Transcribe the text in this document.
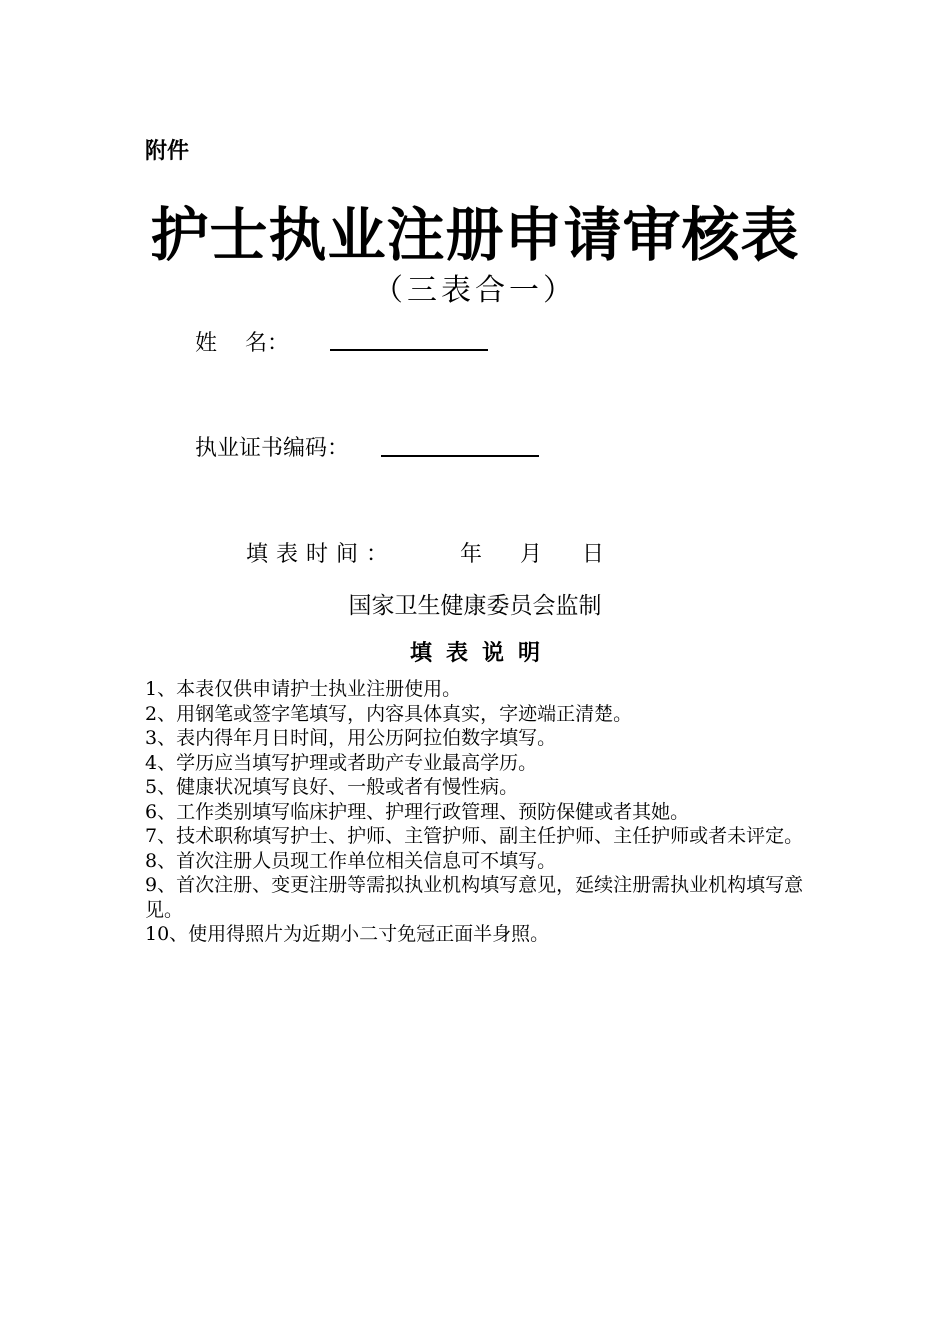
附件
护士执业注册申请审核表
（三表合一）
姓    名：
执业证书编码：
填表时间：	年 月 日
国家卫生健康委员会监制
填表说明
1、本表仅供申请护士执业注册使用。
2、用钢笔或签字笔填写，内容具体真实，字迹端正清楚。
3、表内得年月日时间，用公历阿拉伯数字填写。
4、学历应当填写护理或者助产专业最高学历。
5、健康状况填写良好、一般或者有慢性病。
6、工作类别填写临床护理、护理行政管理、预防保健或者其她。
7、技术职称填写护士、护师、主管护师、副主任护师、主任护师或者未评定。
8、首次注册人员现工作单位相关信息可不填写。
9、首次注册、变更注册等需拟执业机构填写意见，延续注册需执业机构填写意见。
10、使用得照片为近期小二寸免冠正面半身照。
